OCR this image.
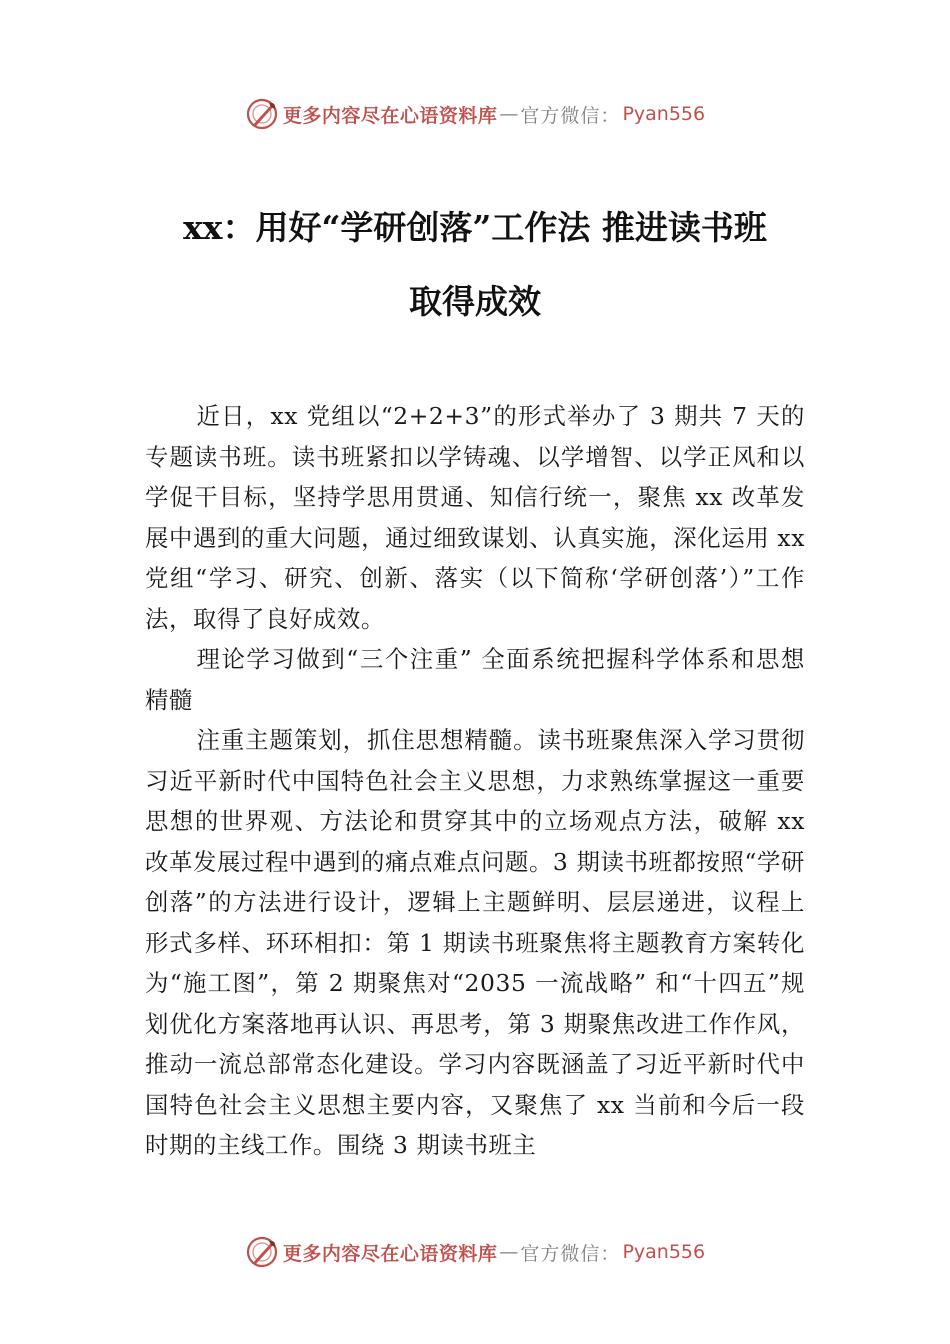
更多内容尽在心语资料库 — 官方微信： Pyan556
xx：用好“学研创落”工作法 推进读书班
取得成效

近日，xx 党组以“2+2+3”的形式举办了 3 期共 7 天的专题读书班。读书班紧扣以学铸魂、以学增智、以学正风和以学促干目标，坚持学思用贯通、知信行统一，聚焦 xx 改革发展中遇到的重大问题，通过细致谋划、认真实施，深化运用 xx 党组“学习、研究、创新、落实（以下简称‘学研创落’）”工作法，取得了良好成效。

理论学习做到“三个注重” 全面系统把握科学体系和思想精髓

注重主题策划，抓住思想精髓。读书班聚焦深入学习贯彻习近平新时代中国特色社会主义思想，力求熟练掌握这一重要思想的世界观、方法论和贯穿其中的立场观点方法，破解 xx 改革发展过程中遇到的痛点难点问题。3 期读书班都按照“学研创落”的方法进行设计，逻辑上主题鲜明、层层递进，议程上形式多样、环环相扣：第 1 期读书班聚焦将主题教育方案转化为“施工图”，第 2 期聚焦对“2035 一流战略” 和“十四五”规划优化方案落地再认识、再思考，第 3 期聚焦改进工作作风，推动一流总部常态化建设。学习内容既涵盖了习近平新时代中国特色社会主义思想主要内容，又聚焦了 xx 当前和今后一段时期的主线工作。围绕 3 期读书班主

更多内容尽在心语资料库 — 官方微信： Pyan556
